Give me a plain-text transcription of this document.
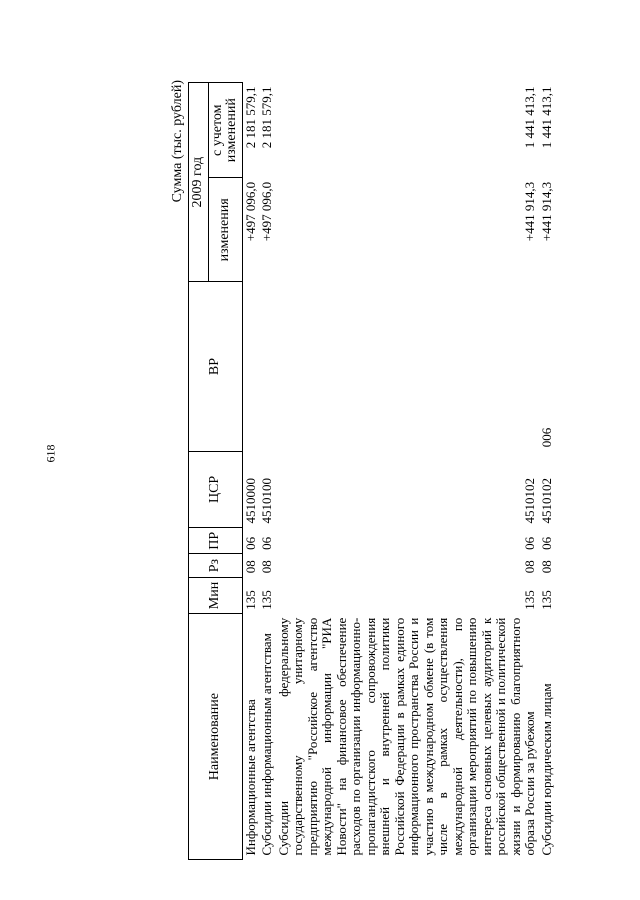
618
Сумма (тыс. рублей)
Наименование	Мин	Рз	ПР	ЦСР	ВР	2009 год	
						изменения	с учетом изменений
Информационные агентства	135	08	06	4510000		+497 096,0	2 181 579,1
Субсидии информационным агентствам	135	08	06	4510100		+497 096,0	2 181 579,1
Субсидии федеральному государственному унитарному предприятию "Российское агентство международной информации "РИА Новости" на финансовое обеспечение расходов по организации информационно-пропагандистского сопровождения внешней и внутренней политики Российской Федерации в рамках единого информационного пространства России и участию в международном обмене (в том числе в рамках осуществления международной деятельности), по организации мероприятий по повышению интереса основных целевых аудиторий к российской общественной и политической жизни и формированию благоприятного образа России за рубежом	135	08	06	4510102		+441 914,3	1 441 413,1
Субсидии юридическим лицам	135	08	06	4510102	006	+441 914,3	1 441 413,1
